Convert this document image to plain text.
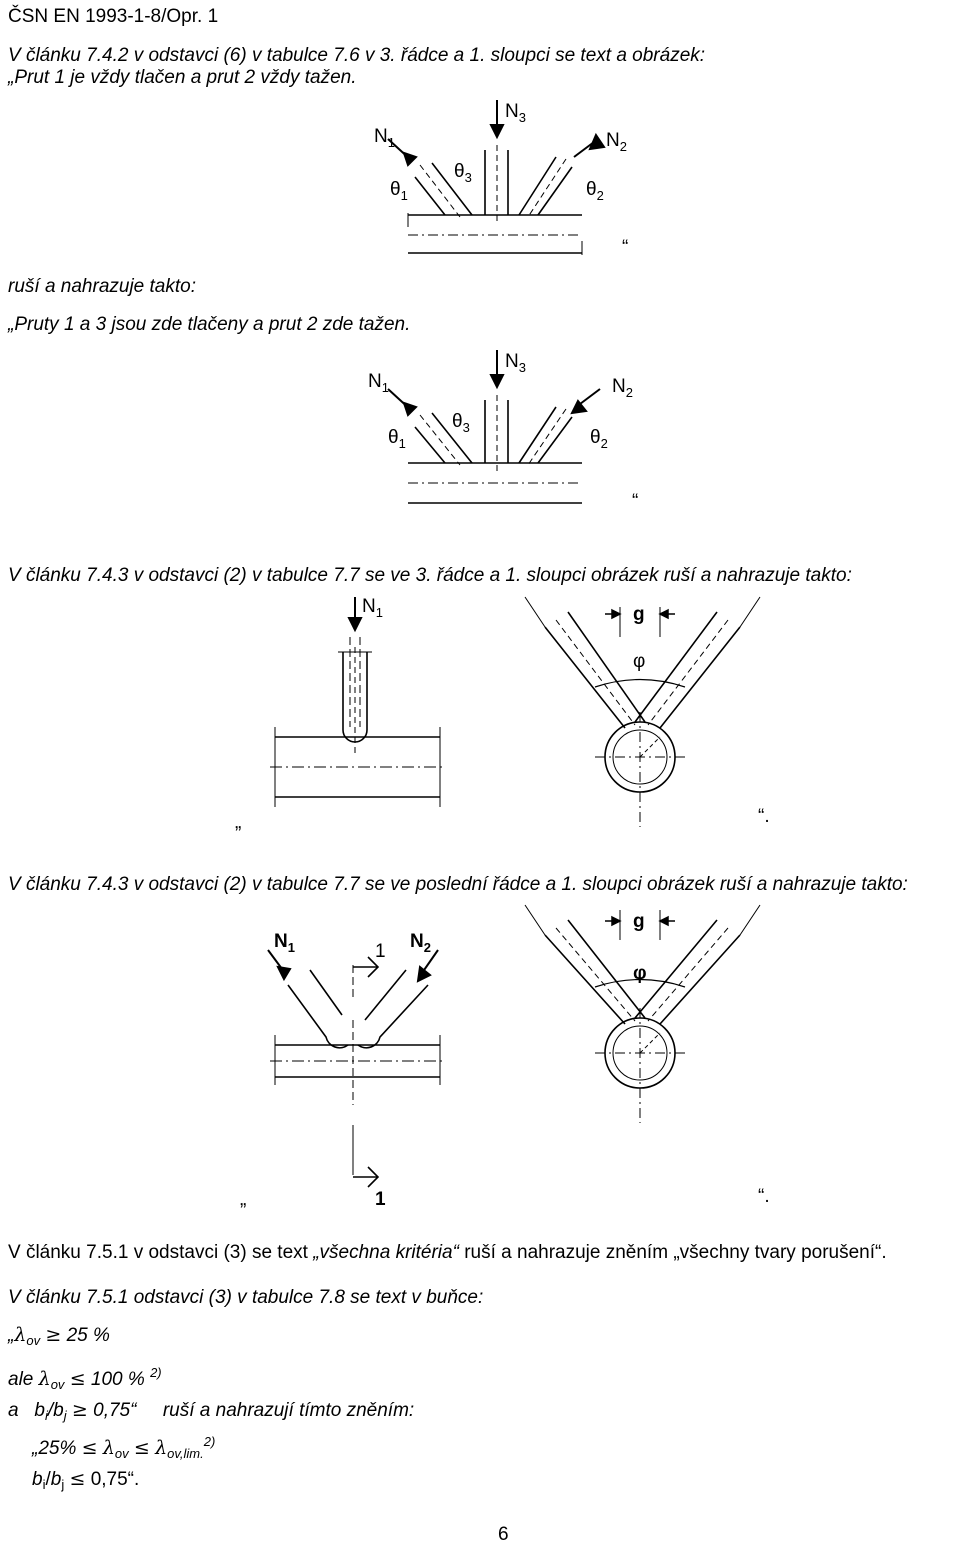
ČSN EN 1993-1-8/Opr. 1

V článku 7.4.2 v odstavci (6) v tabulce 7.6 v 3. řádce a 1. sloupci se text a obrázek:

„Prut 1 je vždy tlačen a prut 2 vždy tažen.

$N_3$
$N_1$	$N_2$
$\theta_3$
$\theta_1$	$\theta_2$
“

ruší a nahrazuje takto:

„Pruty 1 a 3 jsou zde tlačeny a prut 2 zde tažen.

$N_3$
$N_1$	$N_2$
$\theta_3$
$\theta_1$	$\theta_2$
“

V článku 7.4.3 v odstavci (2) v tabulce 7.7 se ve 3. řádce a 1. sloupci obrázek ruší a nahrazuje takto:

$N_1$	g
φ
„	“.

V článku 7.4.3 v odstavci (2) v tabulce 7.7 se ve poslední řádce a 1. sloupci obrázek ruší a nahrazuje takto:

$N_1$	$N_2$
1
1
g
φ
„	“.

V článku 7.5.1 v odstavci (3) se text „všechna kritéria“ ruší a nahrazuje zněním „všechny tvary porušení“.

V článku 7.5.1 odstavci (3) v tabulce 7.8 se text v buňce:

$„\lambda_{ov} \ge 25$ %

ale $\lambda_{ov} \le 100$ % $^{2)}$

a $b_i/b_j$ ≥ 0,75“ ruší a nahrazují tímto zněním:

„25% ≤ $\lambda_{ov} \le \lambda_{ov,lim.}^{2)}$

$b_i/b_j$ ≤ 0,75“.

6
